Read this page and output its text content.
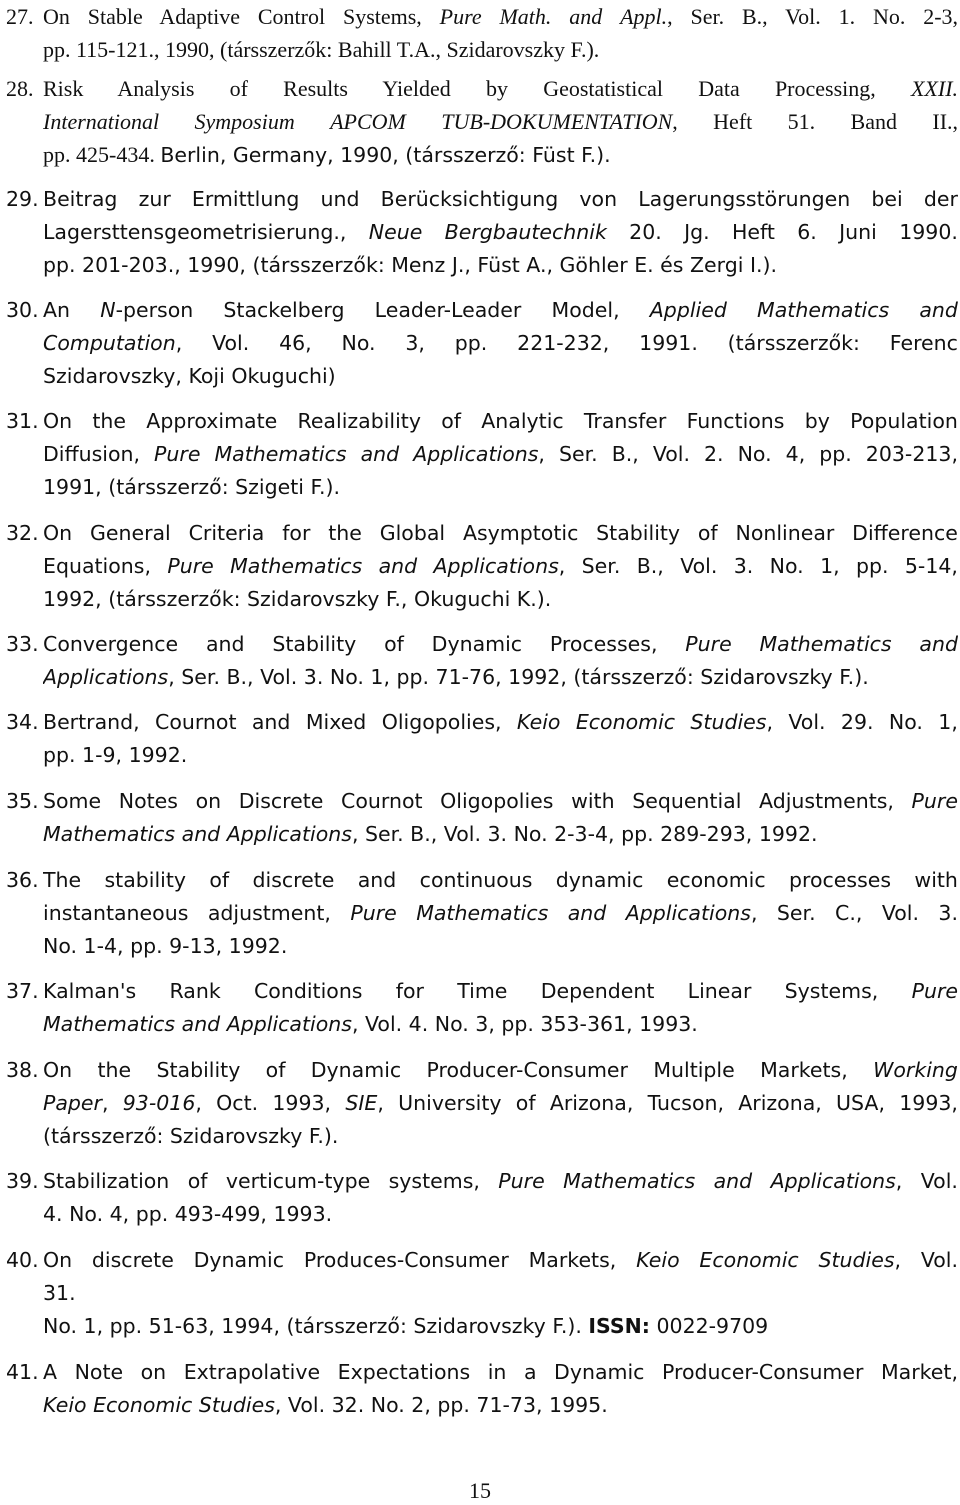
27. On Stable Adaptive Control Systems, Pure Math. and Appl., Ser. B., Vol. 1. No. 2-3,
pp. 115-121., 1990, (társszerzők: Bahill T.A., Szidarovszky F.).
28. Risk Analysis of Results Yielded by Geostatistical Data Processing, XXII.
International Symposium APCOM TUB-DOKUMENTATION, Heft 51. Band II.,
pp. 425-434. Berlin, Germany, 1990, (társszerző: Füst F.).
29. Beitrag zur Ermittlung und Berücksichtigung von Lagerungsstörungen bei der
Lagersttensgeometrisierung., Neue Bergbautechnik 20. Jg. Heft 6. Juni 1990.
pp. 201-203., 1990, (társszerzők: Menz J., Füst A., Göhler E. és Zergi I.).
30. An N-person Stackelberg Leader-Leader Model, Applied Mathematics and
Computation, Vol. 46, No. 3, pp. 221-232, 1991. (társszerzők: Ferenc
Szidarovszky, Koji Okuguchi)
31. On the Approximate Realizability of Analytic Transfer Functions by Population
Diffusion, Pure Mathematics and Applications, Ser. B., Vol. 2. No. 4, pp. 203-213,
1991, (társszerző: Szigeti F.).
32. On General Criteria for the Global Asymptotic Stability of Nonlinear Difference
Equations, Pure Mathematics and Applications, Ser. B., Vol. 3. No. 1, pp. 5-14,
1992, (társszerzők: Szidarovszky F., Okuguchi K.).
33. Convergence and Stability of Dynamic Processes, Pure Mathematics and
Applications, Ser. B., Vol. 3. No. 1, pp. 71-76, 1992, (társszerző: Szidarovszky F.).
34. Bertrand, Cournot and Mixed Oligopolies, Keio Economic Studies, Vol. 29. No. 1,
pp. 1-9, 1992.
35. Some Notes on Discrete Cournot Oligopolies with Sequential Adjustments, Pure
Mathematics and Applications, Ser. B., Vol. 3. No. 2-3-4, pp. 289-293, 1992.
36. The stability of discrete and continuous dynamic economic processes with
instantaneous adjustment, Pure Mathematics and Applications, Ser. C., Vol. 3.
No. 1-4, pp. 9-13, 1992.
37. Kalman's Rank Conditions for Time Dependent Linear Systems, Pure
Mathematics and Applications, Vol. 4. No. 3, pp. 353-361, 1993.
38. On the Stability of Dynamic Producer-Consumer Multiple Markets, Working
Paper, 93-016, Oct. 1993, SIE, University of Arizona, Tucson, Arizona, USA, 1993,
(társszerző: Szidarovszky F.).
39. Stabilization of verticum-type systems, Pure Mathematics and Applications, Vol.
4. No. 4, pp. 493-499, 1993.
40. On discrete Dynamic Produces-Consumer Markets, Keio Economic Studies, Vol.
31.
No. 1, pp. 51-63, 1994, (társszerző: Szidarovszky F.). ISSN: 0022-9709
41. A Note on Extrapolative Expectations in a Dynamic Producer-Consumer Market,
Keio Economic Studies, Vol. 32. No. 2, pp. 71-73, 1995.
15
